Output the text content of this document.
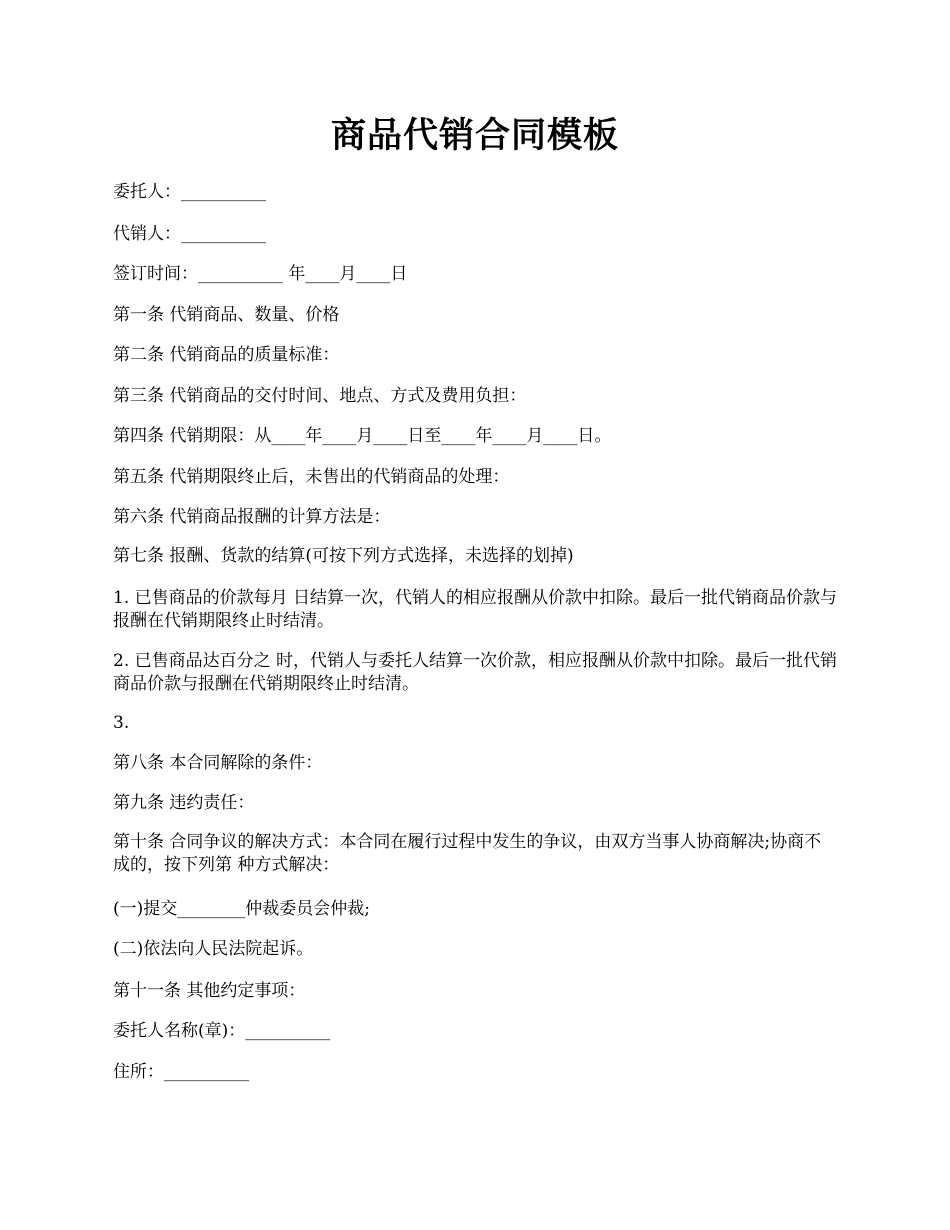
商品代销合同模板

委托人：__________

代销人：__________

签订时间：__________ 年____月____日

第一条 代销商品、数量、价格

第二条 代销商品的质量标准：

第三条 代销商品的交付时间、地点、方式及费用负担：

第四条 代销期限：从____年____月____日至____年____月____日。

第五条 代销期限终止后，未售出的代销商品的处理：

第六条 代销商品报酬的计算方法是：

第七条 报酬、货款的结算(可按下列方式选择，未选择的划掉)

1. 已售商品的价款每月 日结算一次，代销人的相应报酬从价款中扣除。最后一批代销商品价款与报酬在代销期限终止时结清。

2. 已售商品达百分之 时，代销人与委托人结算一次价款，相应报酬从价款中扣除。最后一批代销商品价款与报酬在代销期限终止时结清。

3.

第八条 本合同解除的条件：

第九条 违约责任：

第十条 合同争议的解决方式：本合同在履行过程中发生的争议，由双方当事人协商解决;协商不成的，按下列第 种方式解决：

(一)提交________仲裁委员会仲裁;

(二)依法向人民法院起诉。

第十一条 其他约定事项：

委托人名称(章)：__________

住所：__________
